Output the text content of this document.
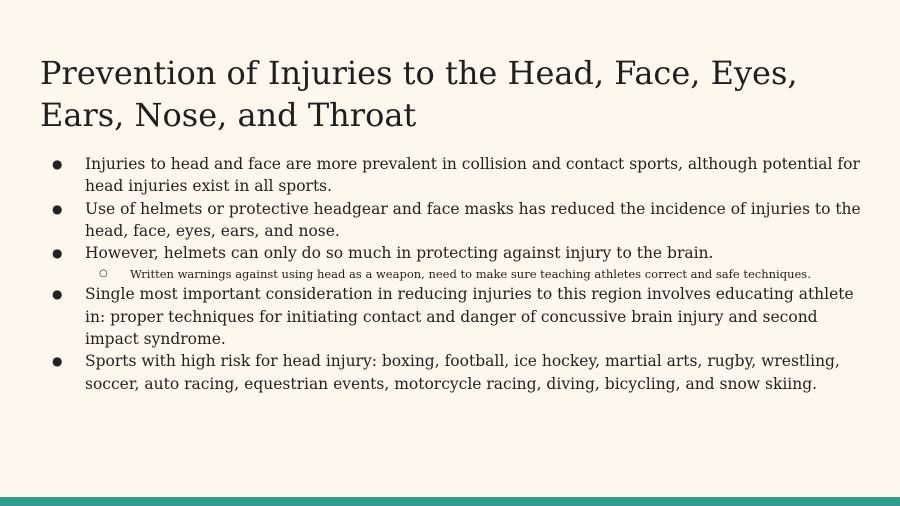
Prevention of Injuries to the Head, Face, Eyes, Ears, Nose, and Throat
● Injuries to head and face are more prevalent in collision and contact sports, although potential for head injuries exist in all sports.
● Use of helmets or protective headgear and face masks has reduced the incidence of injuries to the head, face, eyes, ears, and nose.
● However, helmets can only do so much in protecting against injury to the brain.
○ Written warnings against using head as a weapon, need to make sure teaching athletes correct and safe techniques.
● Single most important consideration in reducing injuries to this region involves educating athlete in: proper techniques for initiating contact and danger of concussive brain injury and second impact syndrome.
● Sports with high risk for head injury: boxing, football, ice hockey, martial arts, rugby, wrestling, soccer, auto racing, equestrian events, motorcycle racing, diving, bicycling, and snow skiing.
